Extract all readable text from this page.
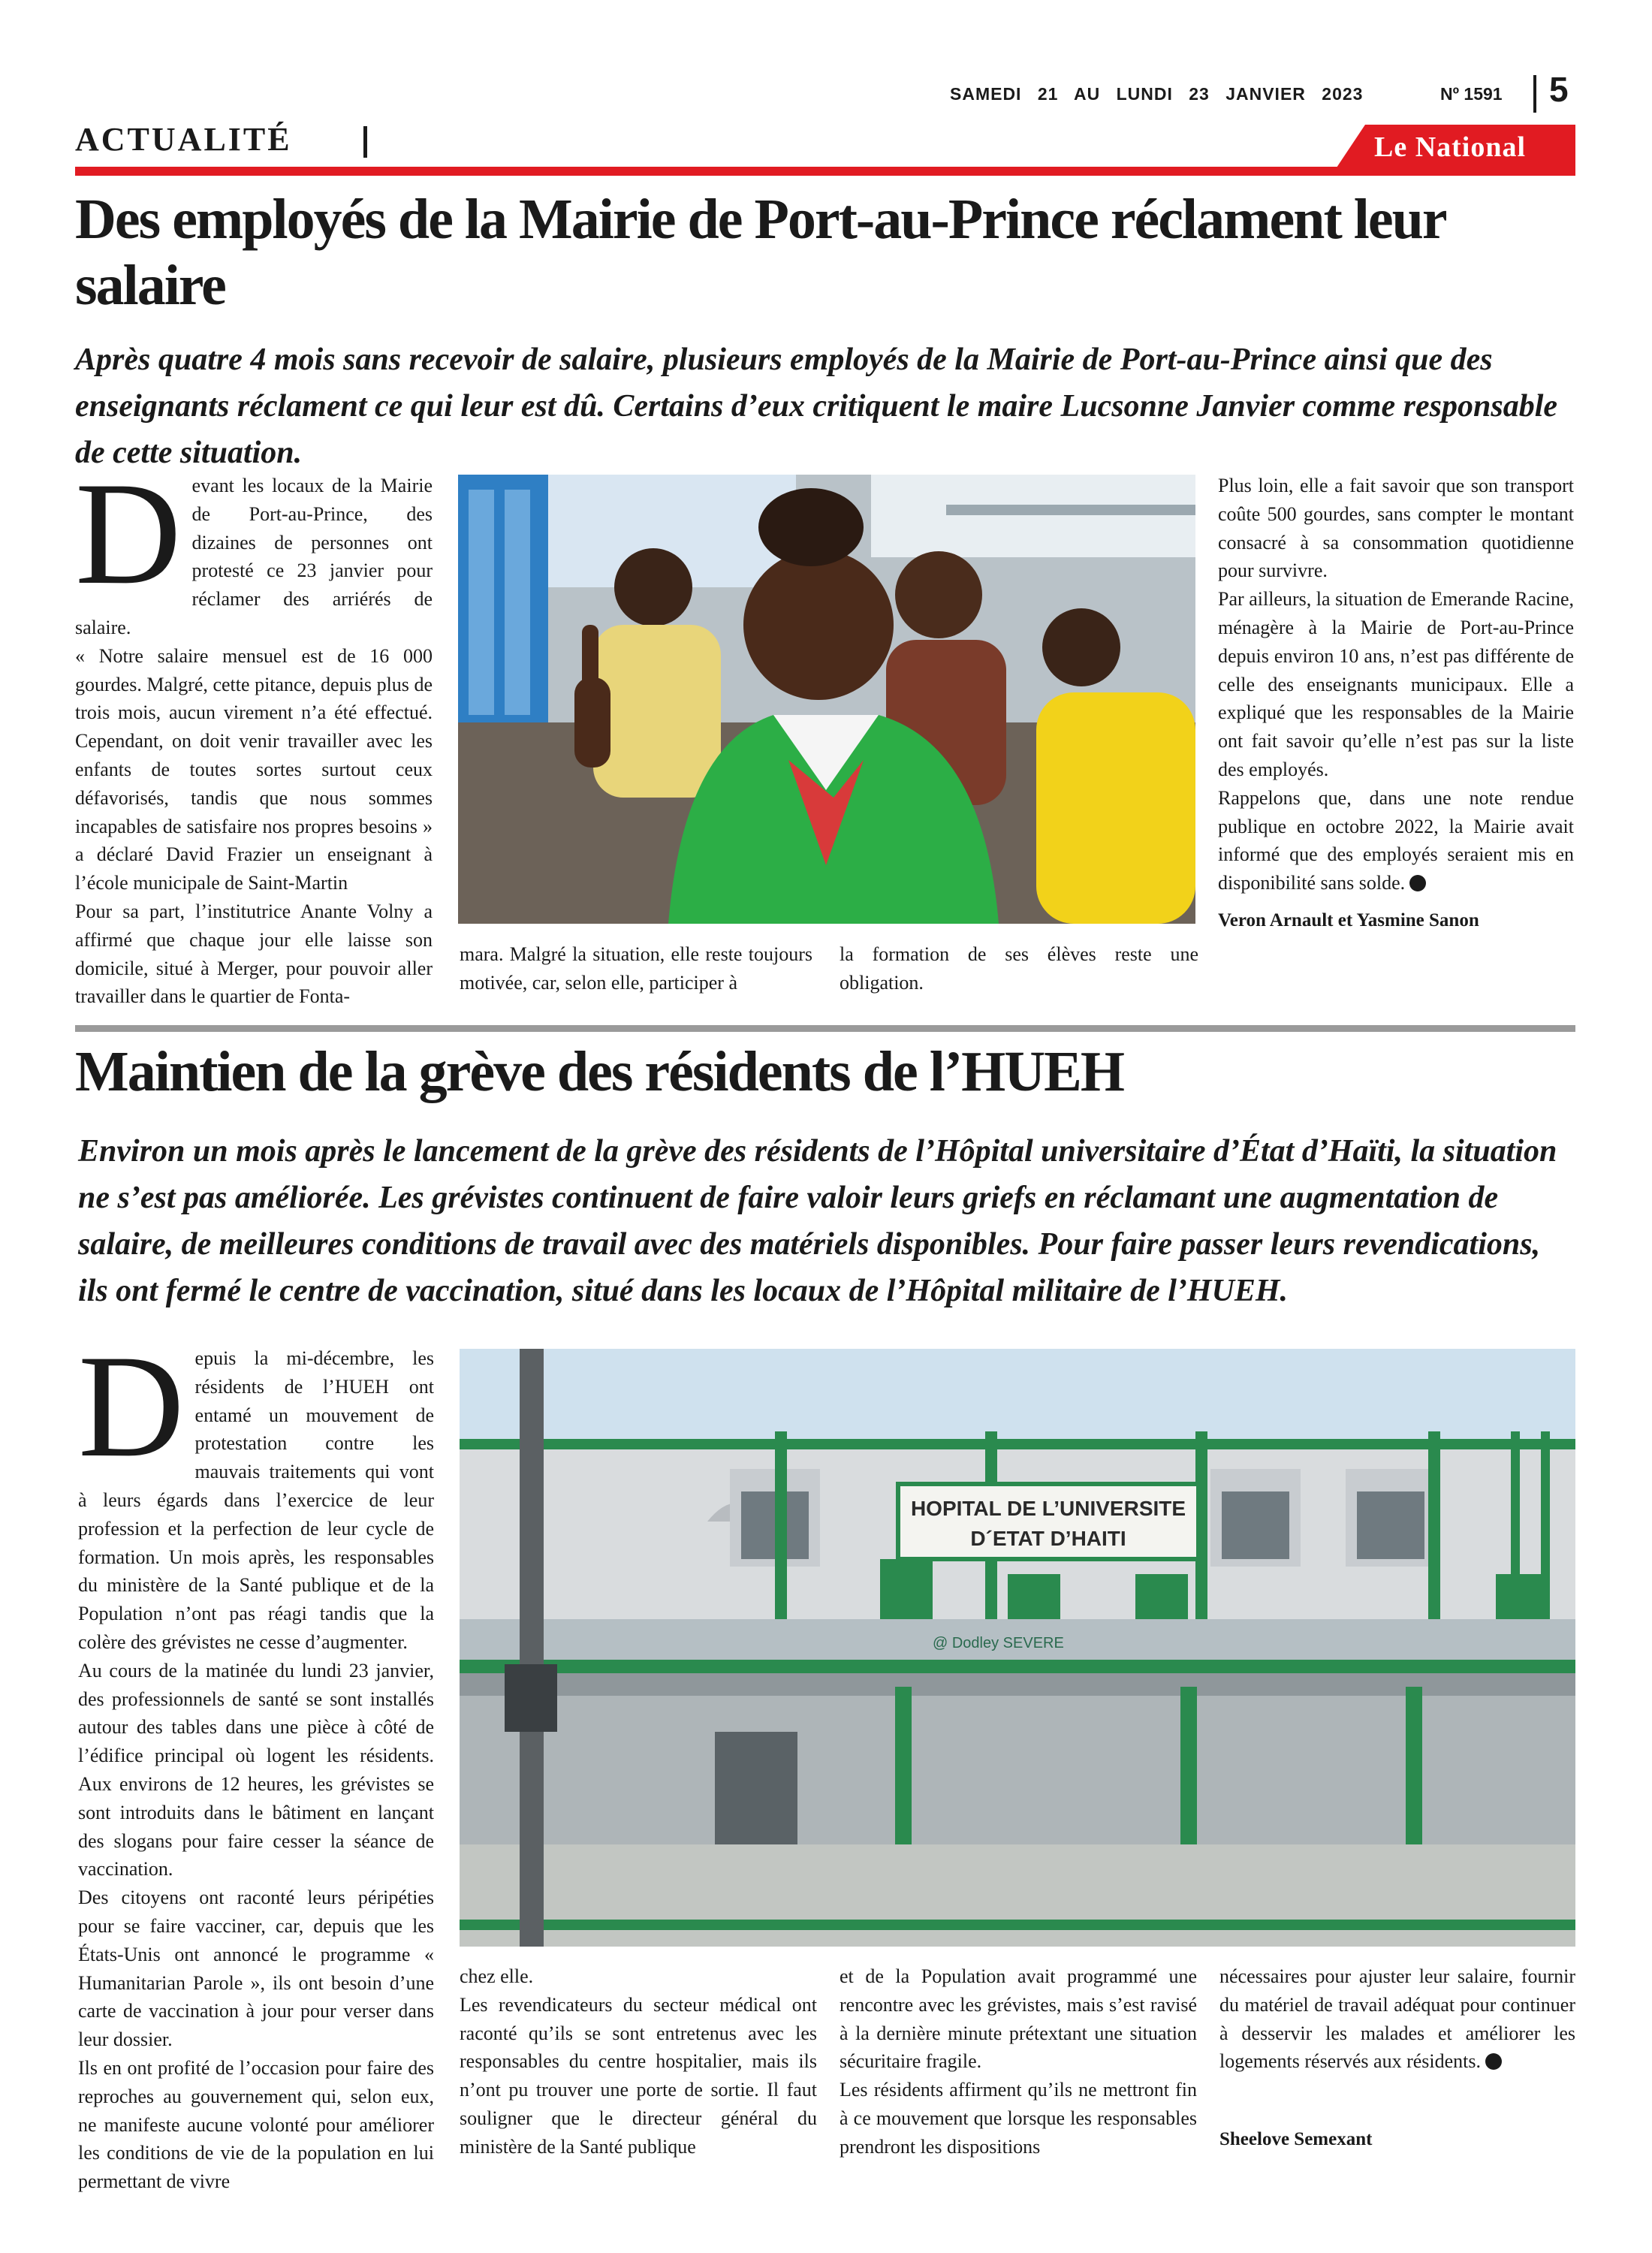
SAMEDI 21 AU LUNDI 23 JANVIER 2023	Nº 1591 5
ACTUALITÉ	Le National
Des employés de la Mairie de Port-au-Prince réclament leur salaire

Après quatre 4 mois sans recevoir de salaire, plusieurs employés de la Mairie de Port-au-Prince ainsi que des enseignants réclament ce qui leur est dû. Certains d’eux critiquent le maire Lucsonne Janvier comme responsable de cette situation.

D evant les locaux de la Mairie de Port-au-Prince, des dizaines de personnes ont protesté ce 23 janvier pour réclamer des arriérés de salaire.

« Notre salaire mensuel est de 16 000 gourdes. Malgré, cette pitance, depuis plus de trois mois, aucun virement n’a été effectué. Cependant, on doit venir travailler avec les enfants de toutes sortes surtout ceux défavorisés, tandis que nous sommes incapables de satisfaire nos propres besoins » a déclaré David Frazier un enseignant à l’école municipale de Saint-Martin

Pour sa part, l’institutrice Anante Volny a affirmé que chaque jour elle laisse son domicile, situé à Merger, pour pouvoir aller travailler dans le quartier de Fonta-

mara. Malgré la situation, elle reste toujours motivée, car, selon elle, participer à

la formation de ses élèves reste une obligation.

Plus loin, elle a fait savoir que son transport coûte 500 gourdes, sans compter le montant consacré à sa consommation quotidienne pour survivre.

Par ailleurs, la situation de Emerande Racine, ménagère à la Mairie de Port-au-Prince depuis environ 10 ans, n’est pas différente de celle des enseignants municipaux. Elle a expliqué que les responsables de la Mairie ont fait savoir qu’elle n’est pas sur la liste des employés.

Rappelons que, dans une note rendue publique en octobre 2022, la Mairie avait informé que des employés seraient mis en disponibilité sans solde.

Veron Arnault et Yasmine Sanon
Maintien de la grève des résidents de l’HUEH

Environ un mois après le lancement de la grève des résidents de l’Hôpital universitaire d’État d’Haïti, la situation ne s’est pas améliorée. Les grévistes continuent de faire valoir leurs griefs en réclamant une augmentation de salaire, de meilleures conditions de travail avec des matériels disponibles. Pour faire passer leurs revendications, ils ont fermé le centre de vaccination, situé dans les locaux de l’Hôpital militaire de l’HUEH.

D epuis la mi-décembre, les résidents de l’HUEH ont entamé un mouvement de protestation contre les mauvais traitements qui vont à leurs égards dans l’exercice de leur profession et la perfection de leur cycle de formation. Un mois après, les responsables du ministère de la Santé publique et de la Population n’ont pas réagi tandis que la colère des grévistes ne cesse d’augmenter.

Au cours de la matinée du lundi 23 janvier, des professionnels de santé se sont installés autour des tables dans une pièce à côté de l’édifice principal où logent les résidents. Aux environs de 12 heures, les grévistes se sont introduits dans le bâtiment en lançant des slogans pour faire cesser la séance de vaccination.

Des citoyens ont raconté leurs péripéties pour se faire vacciner, car, depuis que les États-Unis ont annoncé le programme « Humanitarian Parole », ils ont besoin d’une carte de vaccination à jour pour verser dans leur dossier.

Ils en ont profité de l’occasion pour faire des reproches au gouvernement qui, selon eux, ne manifeste aucune volonté pour améliorer les conditions de vie de la population en lui permettant de vivre

HOPITAL DE L’UNIVERSITE
D´ETAT D’HAITI
@ Dodley SEVERE

chez elle.

Les revendicateurs du secteur médical ont raconté qu’ils se sont entretenus avec les responsables du centre hospitalier, mais ils n’ont pu trouver une porte de sortie. Il faut souligner que le directeur général du ministère de la Santé publique

et de la Population avait programmé une rencontre avec les grévistes, mais s’est ravisé à la dernière minute prétextant une situation sécuritaire fragile.

Les résidents affirment qu’ils ne mettront fin à ce mouvement que lorsque les responsables prendront les dispositions

nécessaires pour ajuster leur salaire, fournir du matériel de travail adéquat pour continuer à desservir les malades et améliorer les logements réservés aux résidents.

Sheelove Semexant
